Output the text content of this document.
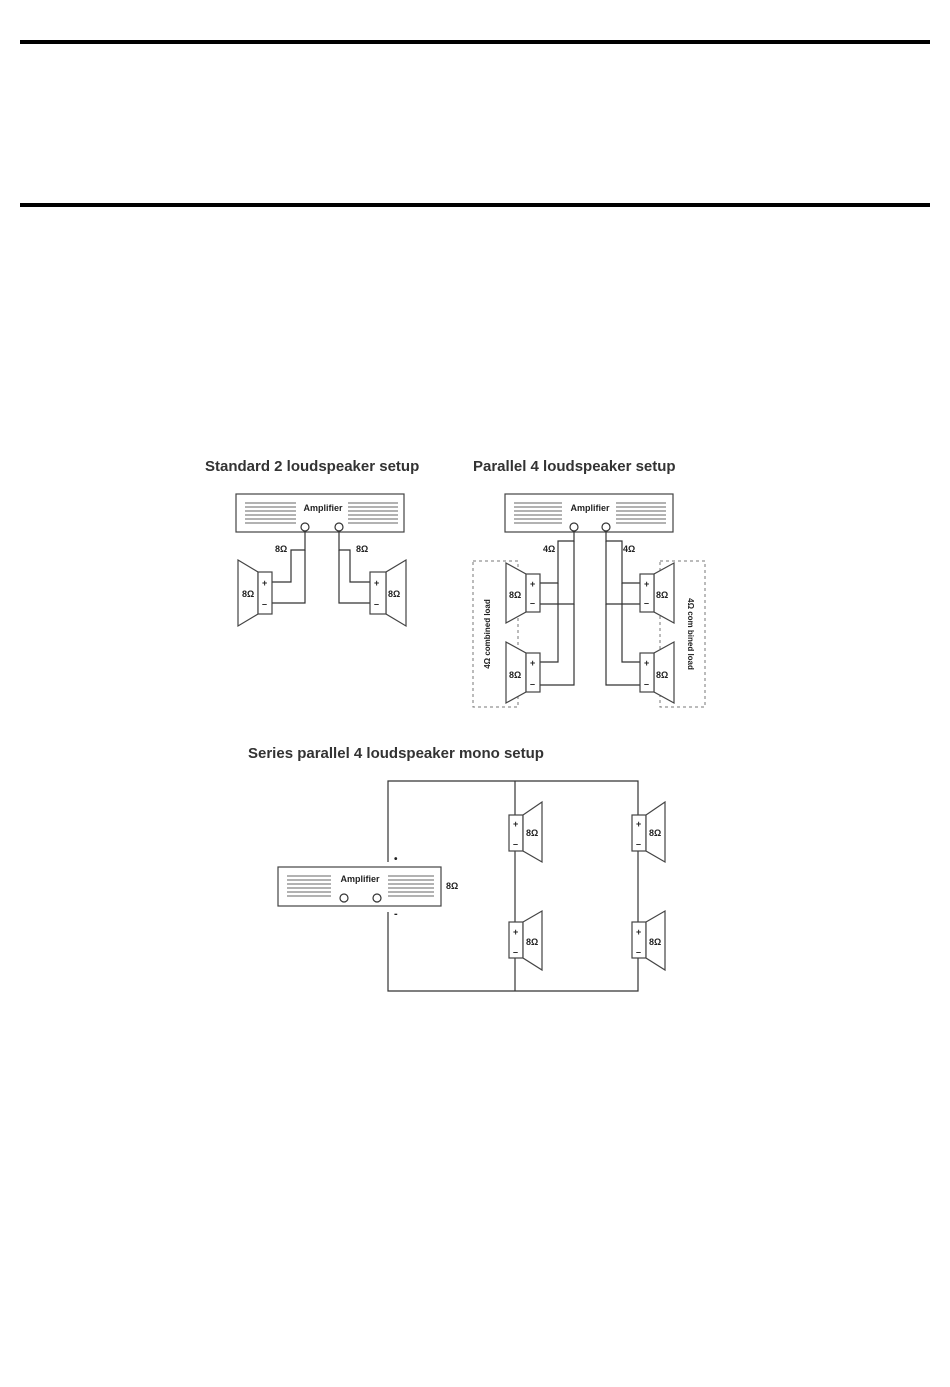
Standard 2 loudspeaker setup	Parallel 4 loudspeaker setup
Series parallel 4 loudspeaker mono setup
Amplifier
8Ω	8Ω
+
–
8Ω
+
–
8Ω
Amplifier
4Ω	4Ω
4Ω combined load	4Ω com bined load
+
–
8Ω
+
–
8Ω
+
–
8Ω
+
–
8Ω
Amplifier
•
-
8Ω
+
–
8Ω
+
–
8Ω
+
–
8Ω
+
–
8Ω
